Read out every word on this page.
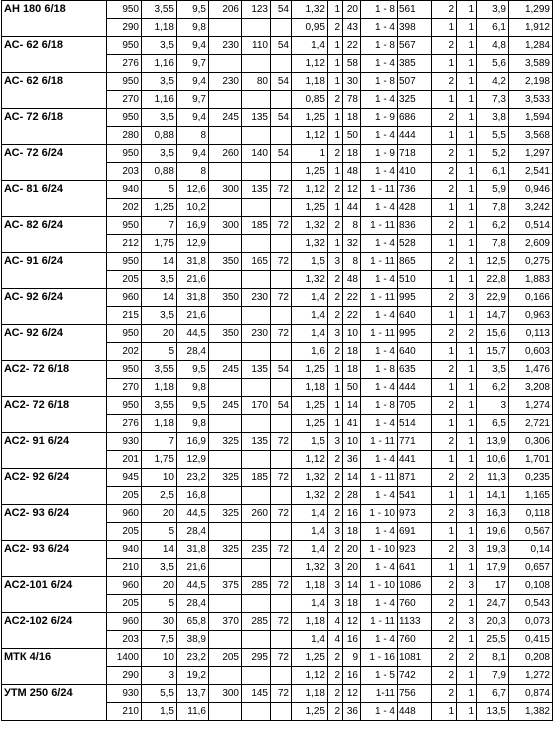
АН 180 6/18	950	3,55	9,5	206	123	54	1,32	1	20	1 - 8	561	2	1	3,9	1,299
	290	1,18	9,8				0,95	2	43	1 - 4	398	1	1	6,1	1,912
АС- 62 6/18	950	3,5	9,4	230	110	54	1,4	1	22	1 - 8	567	2	1	4,8	1,284
	276	1,16	9,7				1,12	1	58	1 - 4	385	1	1	5,6	3,589
АС- 62 6/18	950	3,5	9,4	230	80	54	1,18	1	30	1 - 8	507	2	1	4,2	2,198
	270	1,16	9,7				0,85	2	78	1 - 4	325	1	1	7,3	3,533
АС- 72 6/18	950	3,5	9,4	245	135	54	1,25	1	18	1 - 9	686	2	1	3,8	1,594
	280	0,88	8				1,12	1	50	1 - 4	444	1	1	5,5	3,568
АС- 72 6/24	950	3,5	9,4	260	140	54	1	2	18	1 - 9	718	2	1	5,2	1,297
	203	0,88	8				1,25	1	48	1 - 4	410	2	1	6,1	2,541
АС- 81 6/24	940	5	12,6	300	135	72	1,12	2	12	1 - 11	736	2	1	5,9	0,946
	202	1,25	10,2				1,25	1	44	1 - 4	428	1	1	7,8	3,242
АС- 82 6/24	950	7	16,9	300	185	72	1,32	2	8	1 - 11	836	2	1	6,2	0,514
	212	1,75	12,9				1,32	1	32	1 - 4	528	1	1	7,8	2,609
АС- 91 6/24	950	14	31,8	350	165	72	1,5	3	8	1 - 11	865	2	1	12,5	0,275
	205	3,5	21,6				1,32	2	48	1 - 4	510	1	1	22,8	1,883
АС- 92 6/24	960	14	31,8	350	230	72	1,4	2	22	1 - 11	995	2	3	22,9	0,166
	215	3,5	21,6				1,4	2	22	1 - 4	640	1	1	14,7	0,963
АС- 92 6/24	950	20	44,5	350	230	72	1,4	3	10	1 - 11	995	2	2	15,6	0,113
	202	5	28,4				1,6	2	18	1 - 4	640	1	1	15,7	0,603
АС2- 72 6/18	950	3,55	9,5	245	135	54	1,25	1	18	1 - 8	635	2	1	3,5	1,476
	270	1,18	9,8				1,18	1	50	1 - 4	444	1	1	6,2	3,208
АС2- 72 6/18	950	3,55	9,5	245	170	54	1,25	1	14	1 - 8	705	2	1	3	1,274
	276	1,18	9,8				1,25	1	41	1 - 4	514	1	1	6,5	2,721
АС2- 91 6/24	930	7	16,9	325	135	72	1,5	3	10	1 - 11	771	2	1	13,9	0,306
	201	1,75	12,9				1,12	2	36	1 - 4	441	1	1	10,6	1,701
АС2- 92 6/24	945	10	23,2	325	185	72	1,32	2	14	1 - 11	871	2	2	11,3	0,235
	205	2,5	16,8				1,32	2	28	1 - 4	541	1	1	14,1	1,165
АС2- 93 6/24	960	20	44,5	325	260	72	1,4	2	16	1 - 10	973	2	3	16,3	0,118
	205	5	28,4				1,4	3	18	1 - 4	691	1	1	19,6	0,567
АС2- 93 6/24	940	14	31,8	325	235	72	1,4	2	20	1 - 10	923	2	3	19,3	0,14
	210	3,5	21,6				1,32	3	20	1 - 4	641	1	1	17,9	0,657
АС2-101 6/24	960	20	44,5	375	285	72	1,18	3	14	1 - 10	1086	2	3	17	0,108
	205	5	28,4				1,4	3	18	1 - 4	760	2	1	24,7	0,543
АС2-102 6/24	960	30	65,8	370	285	72	1,18	4	12	1 - 11	1133	2	3	20,3	0,073
	203	7,5	38,9				1,4	4	16	1 - 4	760	2	1	25,5	0,415
МТК 4/16	1400	10	23,2	205	295	72	1,25	2	9	1 - 16	1081	2	2	8,1	0,208
	290	3	19,2				1,12	2	16	1 - 5	742	2	1	7,9	1,272
УТМ 250 6/24	930	5,5	13,7	300	145	72	1,18	2	12	1-11	756	2	1	6,7	0,874
	210	1,5	11,6				1,25	2	36	1 - 4	448	1	1	13,5	1,382
